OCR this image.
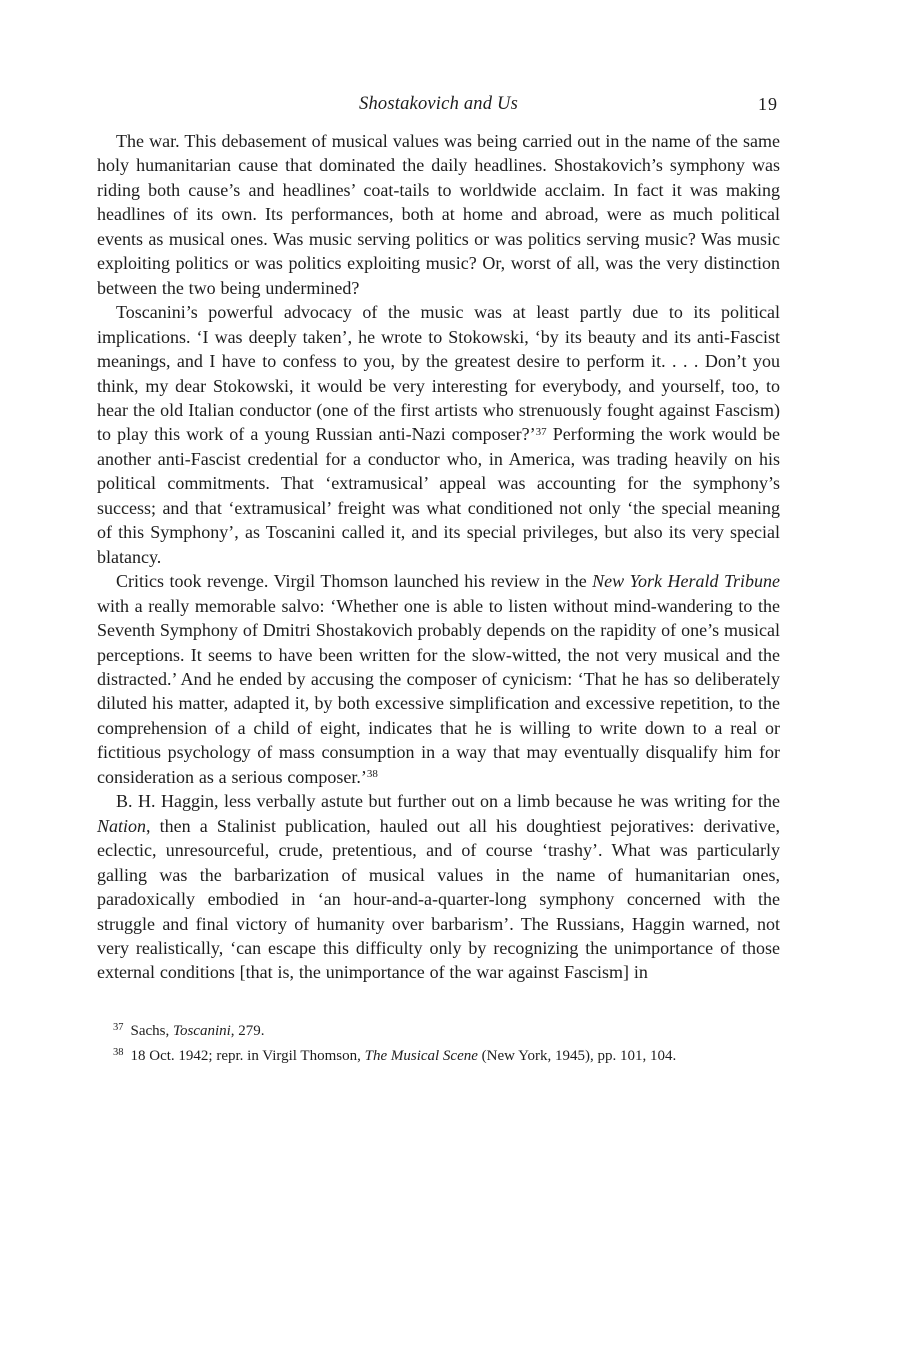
Shostakovich and Us	19

The war. This debasement of musical values was being carried out in the name of the same holy humanitarian cause that dominated the daily headlines. Shostakovich’s symphony was riding both cause’s and headlines’ coat-tails to worldwide acclaim. In fact it was making headlines of its own. Its performances, both at home and abroad, were as much political events as musical ones. Was music serving politics or was politics serving music? Was music exploiting politics or was politics exploiting music? Or, worst of all, was the very distinction between the two being undermined?

Toscanini’s powerful advocacy of the music was at least partly due to its political implications. ‘I was deeply taken’, he wrote to Stokowski, ‘by its beauty and its anti-Fascist meanings, and I have to confess to you, by the greatest desire to perform it. . . . Don’t you think, my dear Stokowski, it would be very interesting for everybody, and yourself, too, to hear the old Italian conductor (one of the first artists who strenuously fought against Fascism) to play this work of a young Russian anti-Nazi composer?’$^{37}$ Performing the work would be another anti-Fascist credential for a conductor who, in America, was trading heavily on his political commitments. That ‘extramusical’ appeal was accounting for the symphony’s success; and that ‘extramusical’ freight was what conditioned not only ‘the special meaning of this Symphony’, as Toscanini called it, and its special privileges, but also its very special blatancy.

Critics took revenge. Virgil Thomson launched his review in the New York Herald Tribune with a really memorable salvo: ‘Whether one is able to listen without mind-wandering to the Seventh Symphony of Dmitri Shostakovich probably depends on the rapidity of one’s musical perceptions. It seems to have been written for the slow-witted, the not very musical and the distracted.’ And he ended by accusing the composer of cynicism: ‘That he has so deliberately diluted his matter, adapted it, by both excessive simplification and excessive repetition, to the comprehension of a child of eight, indicates that he is willing to write down to a real or fictitious psychology of mass consumption in a way that may eventually disqualify him for consideration as a serious composer.’$^{38}$

B. H. Haggin, less verbally astute but further out on a limb because he was writing for the Nation, then a Stalinist publication, hauled out all his doughtiest pejoratives: derivative, eclectic, unresourceful, crude, pretentious, and of course ‘trashy’. What was particularly galling was the barbarization of musical values in the name of humanitarian ones, paradoxically embodied in ‘an hour-and-a-quarter-long symphony concerned with the struggle and final victory of humanity over barbarism’. The Russians, Haggin warned, not very realistically, ‘can escape this difficulty only by recognizing the unimportance of those external conditions [that is, the unimportance of the war against Fascism] in

$^{37}$ Sachs, Toscanini, 279.

$^{38}$ 18 Oct. 1942; repr. in Virgil Thomson, The Musical Scene (New York, 1945), pp. 101, 104.
